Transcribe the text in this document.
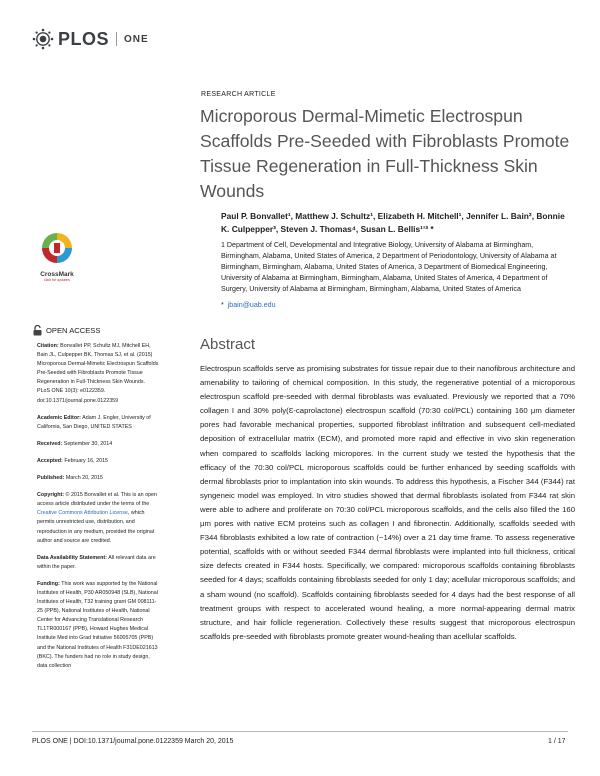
PLOS ONE
RESEARCH ARTICLE
Microporous Dermal-Mimetic Electrospun Scaffolds Pre-Seeded with Fibroblasts Promote Tissue Regeneration in Full-Thickness Skin Wounds
Paul P. Bonvallet¹, Matthew J. Schultz¹, Elizabeth H. Mitchell¹, Jennifer L. Bain², Bonnie K. Culpepper³, Steven J. Thomas⁴, Susan L. Bellis¹ʼ³ *
1 Department of Cell, Developmental and Integrative Biology, University of Alabama at Birmingham, Birmingham, Alabama, United States of America, 2 Department of Periodontology, University of Alabama at Birmingham, Birmingham, Alabama, United States of America, 3 Department of Biomedical Engineering, University of Alabama at Birmingham, Birmingham, Alabama, United States of America, 4 Department of Surgery, University of Alabama at Birmingham, Birmingham, Alabama, United States of America
* jbain@uab.edu
CrossMark
click for updates
OPEN ACCESS
Citation: Bonvallet PP, Schultz MJ, Mitchell EH, Bain JL, Culpepper BK, Thomas SJ, et al. (2015) Microporous Dermal-Mimetic Electrospun Scaffolds Pre-Seeded with Fibroblasts Promote Tissue Regeneration in Full-Thickness Skin Wounds. PLoS ONE 10(3): e0122359. doi:10.1371/journal.pone.0122359
Academic Editor: Adam J. Engler, University of California, San Diego, UNITED STATES
Received: September 30, 2014
Accepted: February 16, 2015
Published: March 20, 2015
Copyright: © 2015 Bonvallet et al. This is an open access article distributed under the terms of the Creative Commons Attribution License, which permits unrestricted use, distribution, and reproduction in any medium, provided the original author and source are credited.
Data Availability Statement: All relevant data are within the paper.
Funding: This work was supported by the National Institutes of Health, P30 AR050948 (SLB), National Institutes of Health, T32 training grant GM 008111-25 (PPB), National Institutes of Health, National Center for Advancing Translational Research TL1TR000167 (PPB), Howard Hughes Medical Institute Med into Grad Initiative 56005705 (PPB) and the National Institutes of Health F31DE021613 (BKC). The funders had no role in study design, data collection
Abstract
Electrospun scaffolds serve as promising substrates for tissue repair due to their nanofibrous architecture and amenability to tailoring of chemical composition. In this study, the regenerative potential of a microporous electrospun scaffold pre-seeded with dermal fibroblasts was evaluated. Previously we reported that a 70% collagen I and 30% poly(Ɛ-caprolactone) electrospun scaffold (70:30 col/PCL) containing 160 μm diameter pores had favorable mechanical properties, supported fibroblast infiltration and subsequent cell-mediated deposition of extracellular matrix (ECM), and promoted more rapid and effective in vivo skin regeneration when compared to scaffolds lacking micropores. In the current study we tested the hypothesis that the efficacy of the 70:30 col/PCL microporous scaffolds could be further enhanced by seeding scaffolds with dermal fibroblasts prior to implantation into skin wounds. To address this hypothesis, a Fischer 344 (F344) rat syngeneic model was employed. In vitro studies showed that dermal fibroblasts isolated from F344 rat skin were able to adhere and proliferate on 70:30 col/PCL microporous scaffolds, and the cells also filled the 160 μm pores with native ECM proteins such as collagen I and fibronectin. Additionally, scaffolds seeded with F344 fibroblasts exhibited a low rate of contraction (~14%) over a 21 day time frame. To assess regenerative potential, scaffolds with or without seeded F344 dermal fibroblasts were implanted into full thickness, critical size defects created in F344 hosts. Specifically, we compared: microporous scaffolds containing fibroblasts seeded for 4 days; scaffolds containing fibroblasts seeded for only 1 day; acellular microporous scaffolds; and a sham wound (no scaffold). Scaffolds containing fibroblasts seeded for 4 days had the best response of all treatment groups with respect to accelerated wound healing, a more normal-appearing dermal matrix structure, and hair follicle regeneration. Collectively these results suggest that microporous electrospun scaffolds pre-seeded with fibroblasts promote greater wound-healing than acellular scaffolds.
PLOS ONE | DOI:10.1371/journal.pone.0122359 March 20, 2015	1 / 17
